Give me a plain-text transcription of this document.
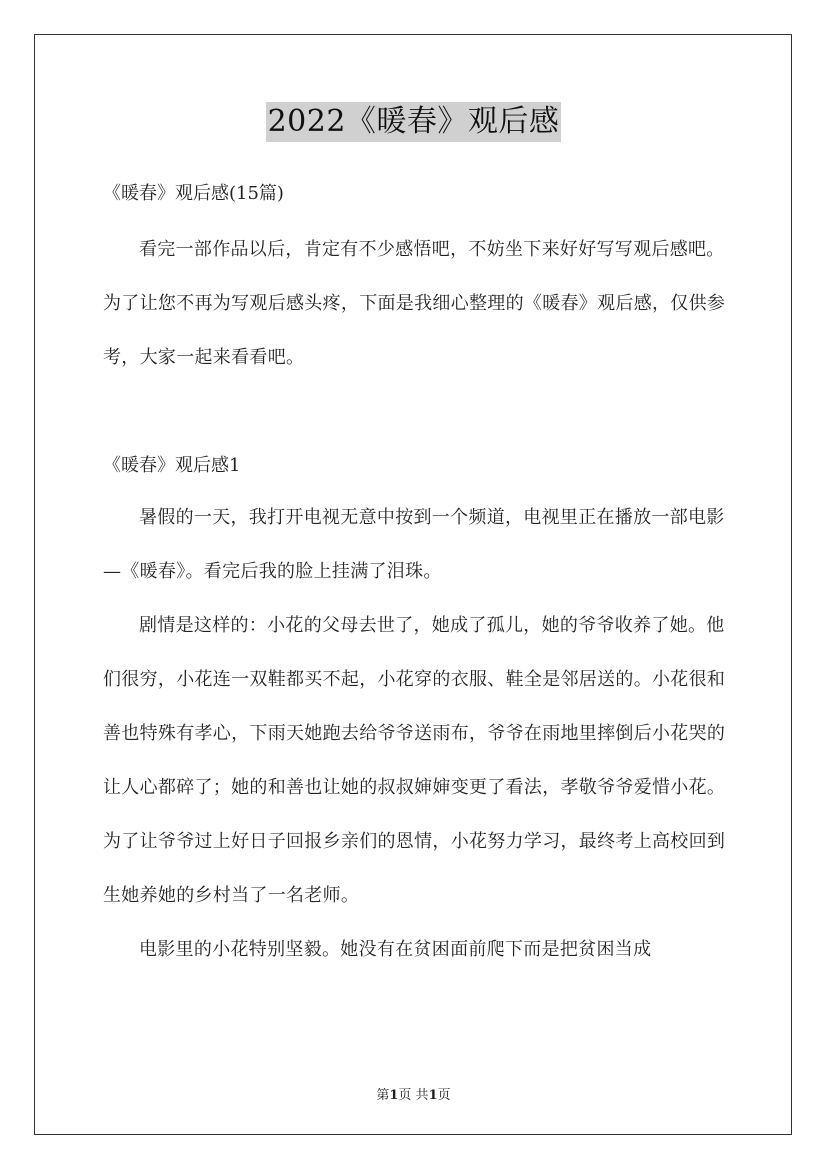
2022《暖春》观后感
《暖春》观后感(15篇)

看完一部作品以后，肯定有不少感悟吧，不妨坐下来好好写写观后感吧。为了让您不再为写观后感头疼，下面是我细心整理的《暖春》观后感，仅供参考，大家一起来看看吧。

《暖春》观后感1

暑假的一天，我打开电视无意中按到一个频道，电视里正在播放一部电影—《暖春》。看完后我的脸上挂满了泪珠。

剧情是这样的：小花的父母去世了，她成了孤儿，她的爷爷收养了她。他们很穷，小花连一双鞋都买不起，小花穿的衣服、鞋全是邻居送的。小花很和善也特殊有孝心，下雨天她跑去给爷爷送雨布，爷爷在雨地里摔倒后小花哭的让人心都碎了；她的和善也让她的叔叔婶婶变更了看法，孝敬爷爷爱惜小花。为了让爷爷过上好日子回报乡亲们的恩情，小花努力学习，最终考上高校回到生她养她的乡村当了一名老师。

电影里的小花特别坚毅。她没有在贫困面前爬下而是把贫困当成

第1页 共1页
